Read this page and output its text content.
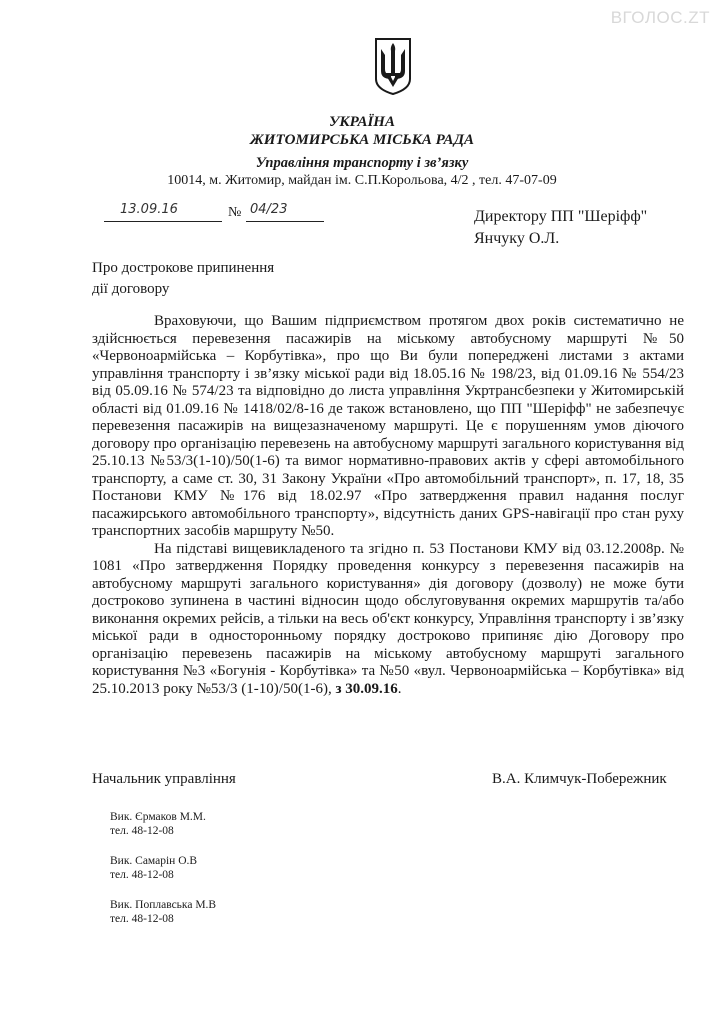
ВГОЛОС.ZT
УКРАЇНА
ЖИТОМИРСЬКА МІСЬКА РАДА
Управління транспорту і зв’язку
10014, м. Житомир, майдан ім. С.П.Корольова, 4/2 , тел. 47-07-09
13.09.16	№ 04/23	Директору ПП "Шеріфф"
Янчуку О.Л.
Про дострокове припинення
дії договору

Враховуючи, що Вашим підприємством протягом двох років систематично не здійснюється перевезення пасажирів на міському автобусному маршруті №50 «Червоноармійська – Корбутівка», про що Ви були попереджені листами з актами управління транспорту і зв’язку міської ради від 18.05.16 № 198/23, від 01.09.16 № 554/23 від 05.09.16 № 574/23 та відповідно до листа управління Укртрансбезпеки у Житомирській області від 01.09.16 № 1418/02/8-16 де також встановлено, що ПП "Шеріфф" не забезпечує перевезення пасажирів на вищезазначеному маршруті. Це є порушенням умов діючого договору про організацію перевезень на автобусному маршруті загального користування від 25.10.13 №53/3(1-10)/50(1-6) та вимог нормативно-правових актів у сфері автомобільного транспорту, а саме ст. 30, 31 Закону України «Про автомобільний транспорт», п. 17, 18, 35 Постанови КМУ №176 від 18.02.97 «Про затвердження правил надання послуг пасажирського автомобільного транспорту», відсутність даних GPS-навігації про стан руху транспортних засобів маршруту №50.

На підставі вищевикладеного та згідно п. 53 Постанови КМУ від 03.12.2008р. № 1081 «Про затвердження Порядку проведення конкурсу з перевезення пасажирів на автобусному маршруті загального користування» дія договору (дозволу) не може бути достроково зупинена в частині відносин щодо обслуговування окремих маршрутів та/або виконання окремих рейсів, а тільки на весь об'єкт конкурсу, Управління транспорту і зв’язку міської ради в односторонньому порядку достроково припиняє дію Договору про організацію перевезень пасажирів на міському автобусному маршруті загального користування №3 «Богунія - Корбутівка» та №50 «вул. Червоноармійська – Корбутівка» від 25.10.2013 року №53/3 (1-10)/50(1-6), з 30.09.16.

Начальник управління	В.А. Климчук-Побережник
Вик. Єрмаков М.М.
тел. 48-12-08
Вик. Самарін О.В
тел. 48-12-08
Вик. Поплавська М.В
тел. 48-12-08
